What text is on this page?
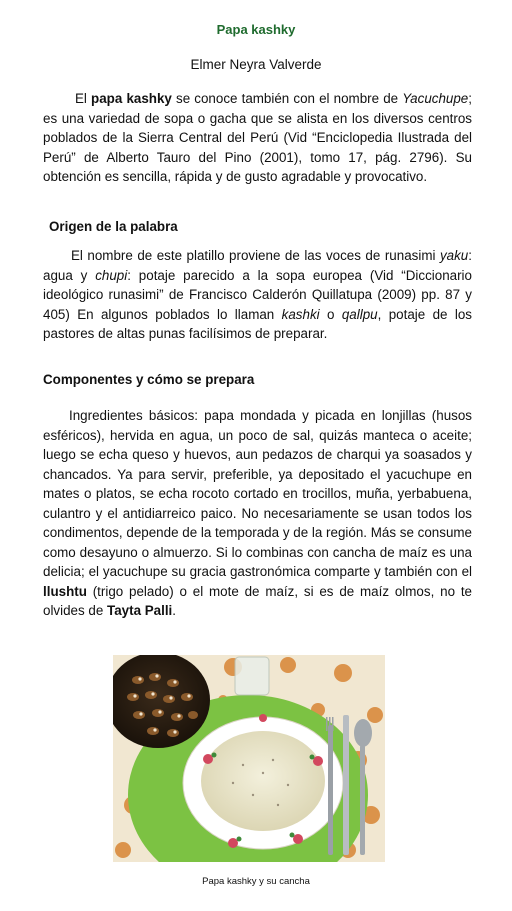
Papa kashky
Elmer Neyra Valverde

El papa kashky se conoce también con el nombre de Yacuchupe; es una variedad de sopa o gacha que se alista en los diversos centros poblados de la Sierra Central del Perú (Vid “Enciclopedia Ilustrada del Perú” de Alberto Tauro del Pino (2001), tomo 17, pág. 2796). Su obtención es sencilla, rápida y de gusto agradable y provocativo.

Origen de la palabra

El nombre de este platillo proviene de las voces de runasimi yaku: agua y chupi: potaje parecido a la sopa europea (Vid “Diccionario ideológico runasimi” de Francisco Calderón Quillatupa (2009) pp. 87 y 405) En algunos poblados lo llaman kashki o qallpu, potaje de los pastores de altas punas facilísimos de preparar.

Componentes y cómo se prepara

Ingredientes básicos: papa mondada y picada en lonjillas (husos esféricos), hervida en agua, un poco de sal, quizás manteca o aceite; luego se echa queso y huevos, aun pedazos de charqui ya soasados y chancados. Ya para servir, preferible, ya depositado el yacuchupe en mates o platos, se echa rocoto cortado en trocillos, muña, yerbabuena, culantro y el antidiarreico paico. No necesariamente se usan todos los condimentos, depende de la temporada y de la región. Más se consume como desayuno o almuerzo. Si lo combinas con cancha de maíz es una delicia; el yacuchupe su gracia gastronómica comparte y también con el llushtu (trigo pelado) o el mote de maíz, si es de maíz olmos, no te olvides de Tayta Palli.

Papa kashky y su cancha
